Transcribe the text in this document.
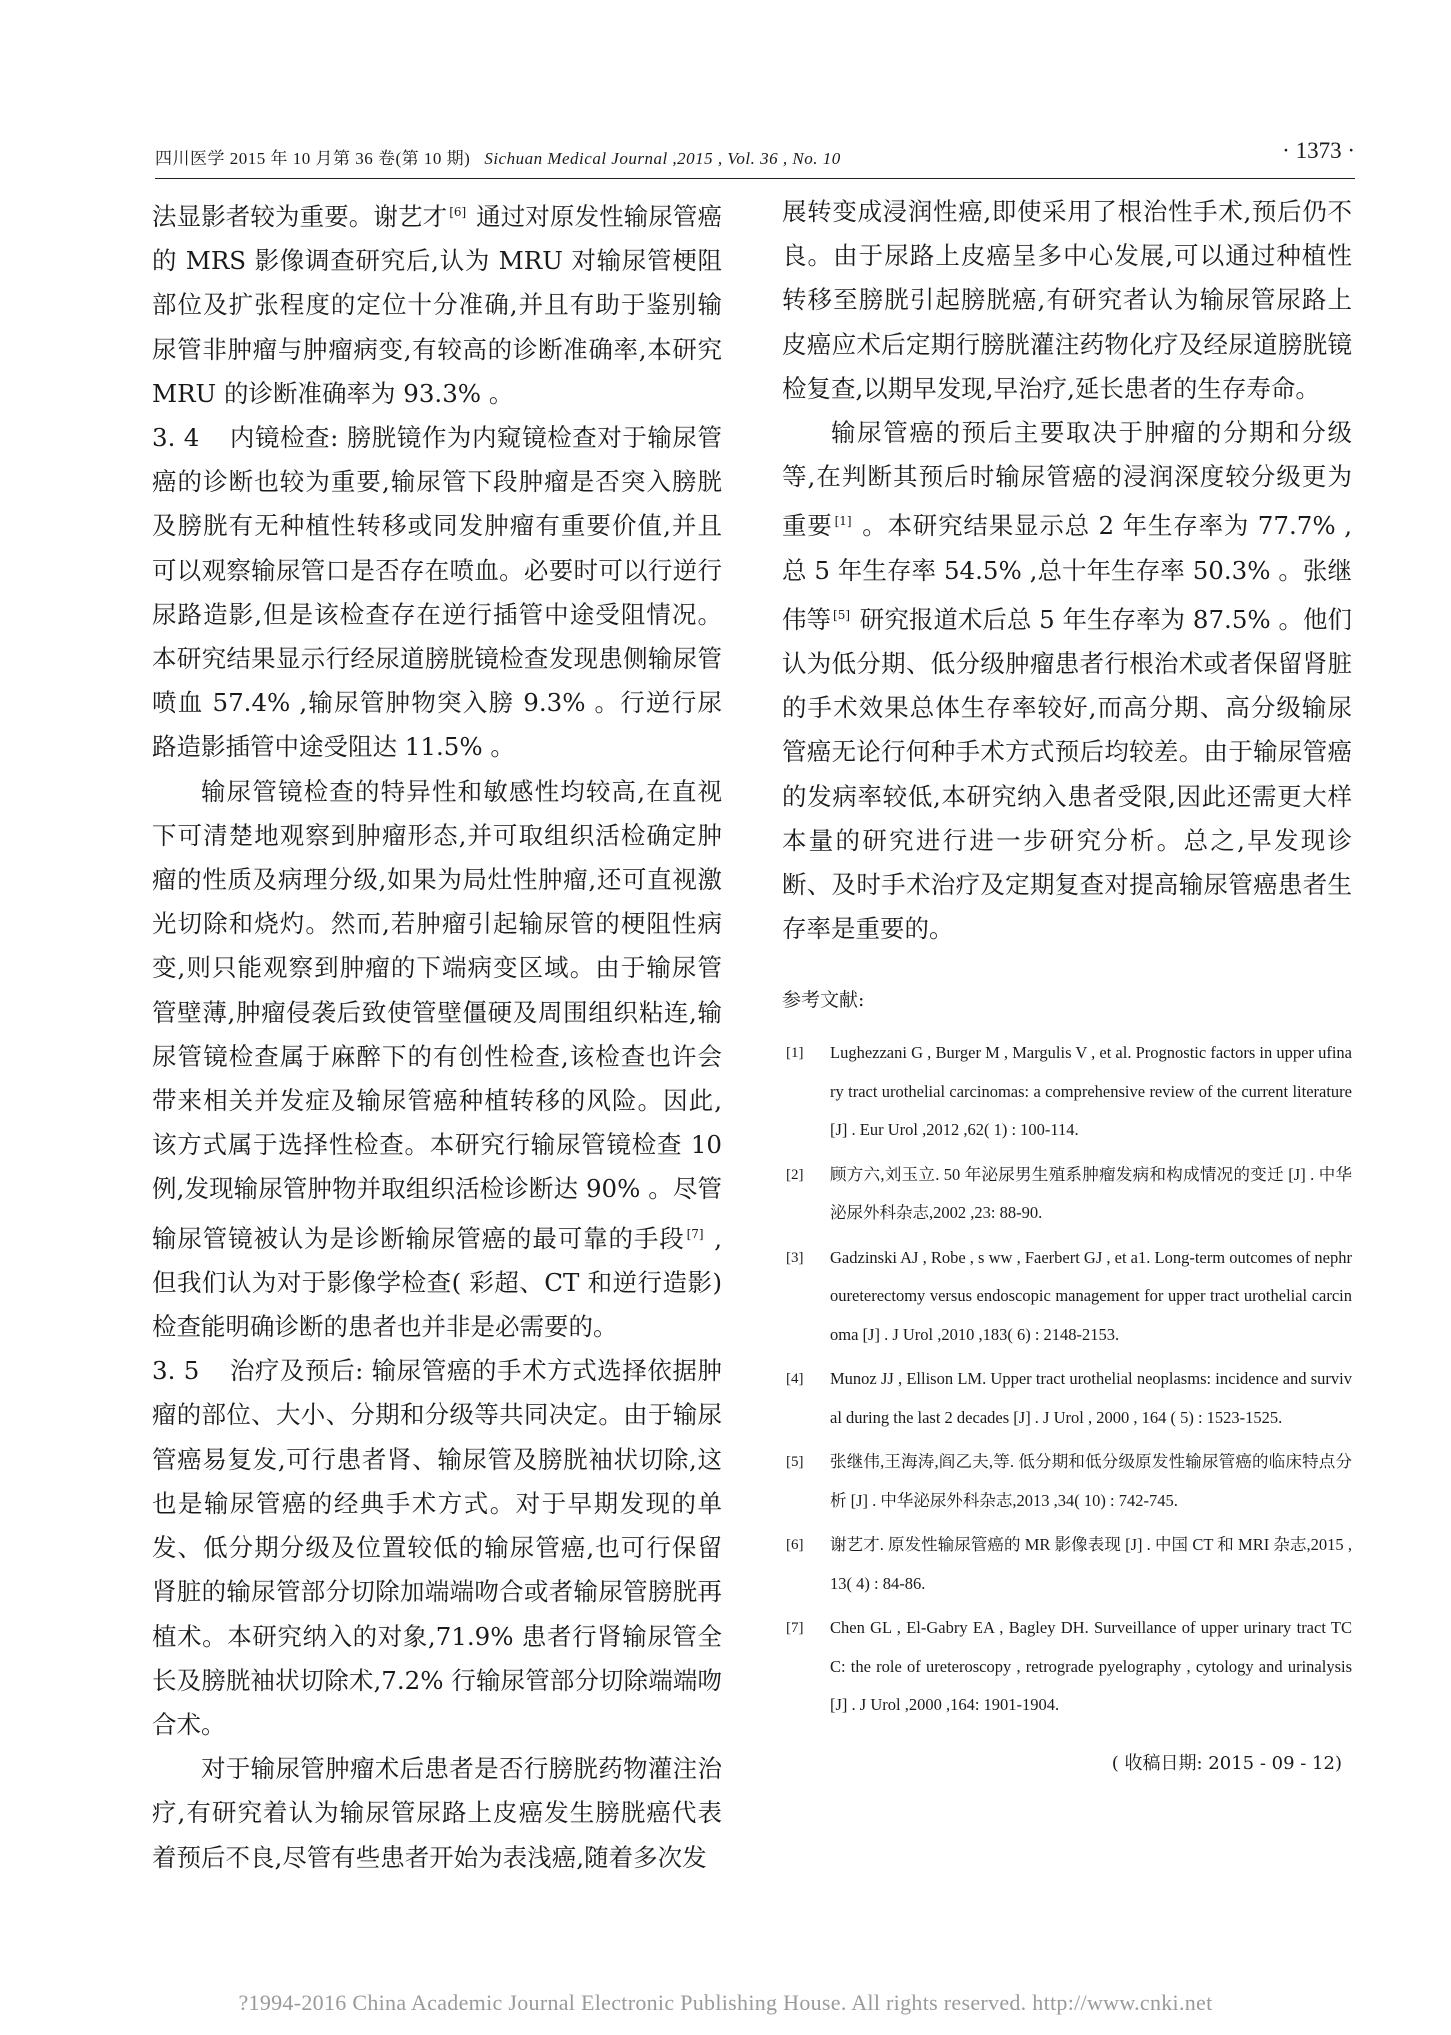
四川医学 2015 年 10 月第 36 卷(第 10 期) Sichuan Medical Journal ,2015 , Vol. 36 , No. 10	· 1373 ·

法显影者较为重要。谢艺才 [6] 通过对原发性输尿管癌的 MRS 影像调查研究后,认为 MRU 对输尿管梗阻部位及扩张程度的定位十分准确,并且有助于鉴别输尿管非肿瘤与肿瘤病变,有较高的诊断准确率,本研究 MRU 的诊断准确率为 93.3% 。

3. 4 内镜检查: 膀胱镜作为内窥镜检查对于输尿管癌的诊断也较为重要,输尿管下段肿瘤是否突入膀胱及膀胱有无种植性转移或同发肿瘤有重要价值,并且可以观察输尿管口是否存在喷血。必要时可以行逆行尿路造影,但是该检查存在逆行插管中途受阻情况。本研究结果显示行经尿道膀胱镜检查发现患侧输尿管喷血 57.4% ,输尿管肿物突入膀 9.3% 。行逆行尿路造影插管中途受阻达 11.5% 。

输尿管镜检查的特异性和敏感性均较高,在直视下可清楚地观察到肿瘤形态,并可取组织活检确定肿瘤的性质及病理分级,如果为局灶性肿瘤,还可直视激光切除和烧灼。然而,若肿瘤引起输尿管的梗阻性病变,则只能观察到肿瘤的下端病变区域。由于输尿管管壁薄,肿瘤侵袭后致使管壁僵硬及周围组织粘连,输尿管镜检查属于麻醉下的有创性检查,该检查也许会带来相关并发症及输尿管癌种植转移的风险。因此,该方式属于选择性检查。本研究行输尿管镜检查 10 例,发现输尿管肿物并取组织活检诊断达 90% 。尽管输尿管镜被认为是诊断输尿管癌的最可靠的手段 [7] ,但我们认为对于影像学检查( 彩超、CT 和逆行造影) 检查能明确诊断的患者也并非是必需要的。

3. 5 治疗及预后: 输尿管癌的手术方式选择依据肿瘤的部位、大小、分期和分级等共同决定。由于输尿管癌易复发,可行患者肾、输尿管及膀胱袖状切除,这也是输尿管癌的经典手术方式。对于早期发现的单发、低分期分级及位置较低的输尿管癌,也可行保留肾脏的输尿管部分切除加端端吻合或者输尿管膀胱再植术。本研究纳入的对象,71.9% 患者行肾输尿管全长及膀胱袖状切除术,7.2% 行输尿管部分切除端端吻合术。

对于输尿管肿瘤术后患者是否行膀胱药物灌注治疗,有研究着认为输尿管尿路上皮癌发生膀胱癌代表着预后不良,尽管有些患者开始为表浅癌,随着多次发

展转变成浸润性癌,即使采用了根治性手术,预后仍不良。由于尿路上皮癌呈多中心发展,可以通过种植性转移至膀胱引起膀胱癌,有研究者认为输尿管尿路上皮癌应术后定期行膀胱灌注药物化疗及经尿道膀胱镜检复查,以期早发现,早治疗,延长患者的生存寿命。

输尿管癌的预后主要取决于肿瘤的分期和分级等,在判断其预后时输尿管癌的浸润深度较分级更为重要 [1] 。本研究结果显示总 2 年生存率为 77.7% ,总 5 年生存率 54.5% ,总十年生存率 50.3% 。张继伟等 [5] 研究报道术后总 5 年生存率为 87.5% 。他们认为低分期、低分级肿瘤患者行根治术或者保留肾脏的手术效果总体生存率较好,而高分期、高分级输尿管癌无论行何种手术方式预后均较差。由于输尿管癌的发病率较低,本研究纳入患者受限,因此还需更大样本量的研究进行进一步研究分析。总之,早发现诊断、及时手术治疗及定期复查对提高输尿管癌患者生存率是重要的。

参考文献:
[1] Lughezzani G , Burger M , Margulis V , et al. Prognostic factors in upper ufinary tract urothelial carcinomas: a comprehensive review of the current literature [J] . Eur Urol ,2012 ,62( 1) : 100-114.
[2] 顾方六,刘玉立. 50 年泌尿男生殖系肿瘤发病和构成情况的变迁 [J] . 中华泌尿外科杂志,2002 ,23: 88-90.
[3] Gadzinski AJ , Robe , s ww , Faerbert GJ , et a1. Long-term outcomes of nephroureterectomy versus endoscopic management for upper tract urothelial carcinoma [J] . J Urol ,2010 ,183( 6) : 2148-2153.
[4] Munoz JJ , Ellison LM. Upper tract urothelial neoplasms: incidence and survival during the last 2 decades [J] . J Urol , 2000 , 164 ( 5) : 1523-1525.
[5] 张继伟,王海涛,阎乙夫,等. 低分期和低分级原发性输尿管癌的临床特点分析 [J] . 中华泌尿外科杂志,2013 ,34( 10) : 742-745.
[6] 谢艺才. 原发性输尿管癌的 MR 影像表现 [J] . 中国 CT 和 MRI 杂志,2015 ,13( 4) : 84-86.
[7] Chen GL , El-Gabry EA , Bagley DH. Surveillance of upper urinary tract TCC: the role of ureteroscopy , retrograde pyelography , cytology and urinalysis [J] . J Urol ,2000 ,164: 1901-1904.
( 收稿日期: 2015 - 09 - 12)
?1994-2016 China Academic Journal Electronic Publishing House. All rights reserved. http://www.cnki.net
